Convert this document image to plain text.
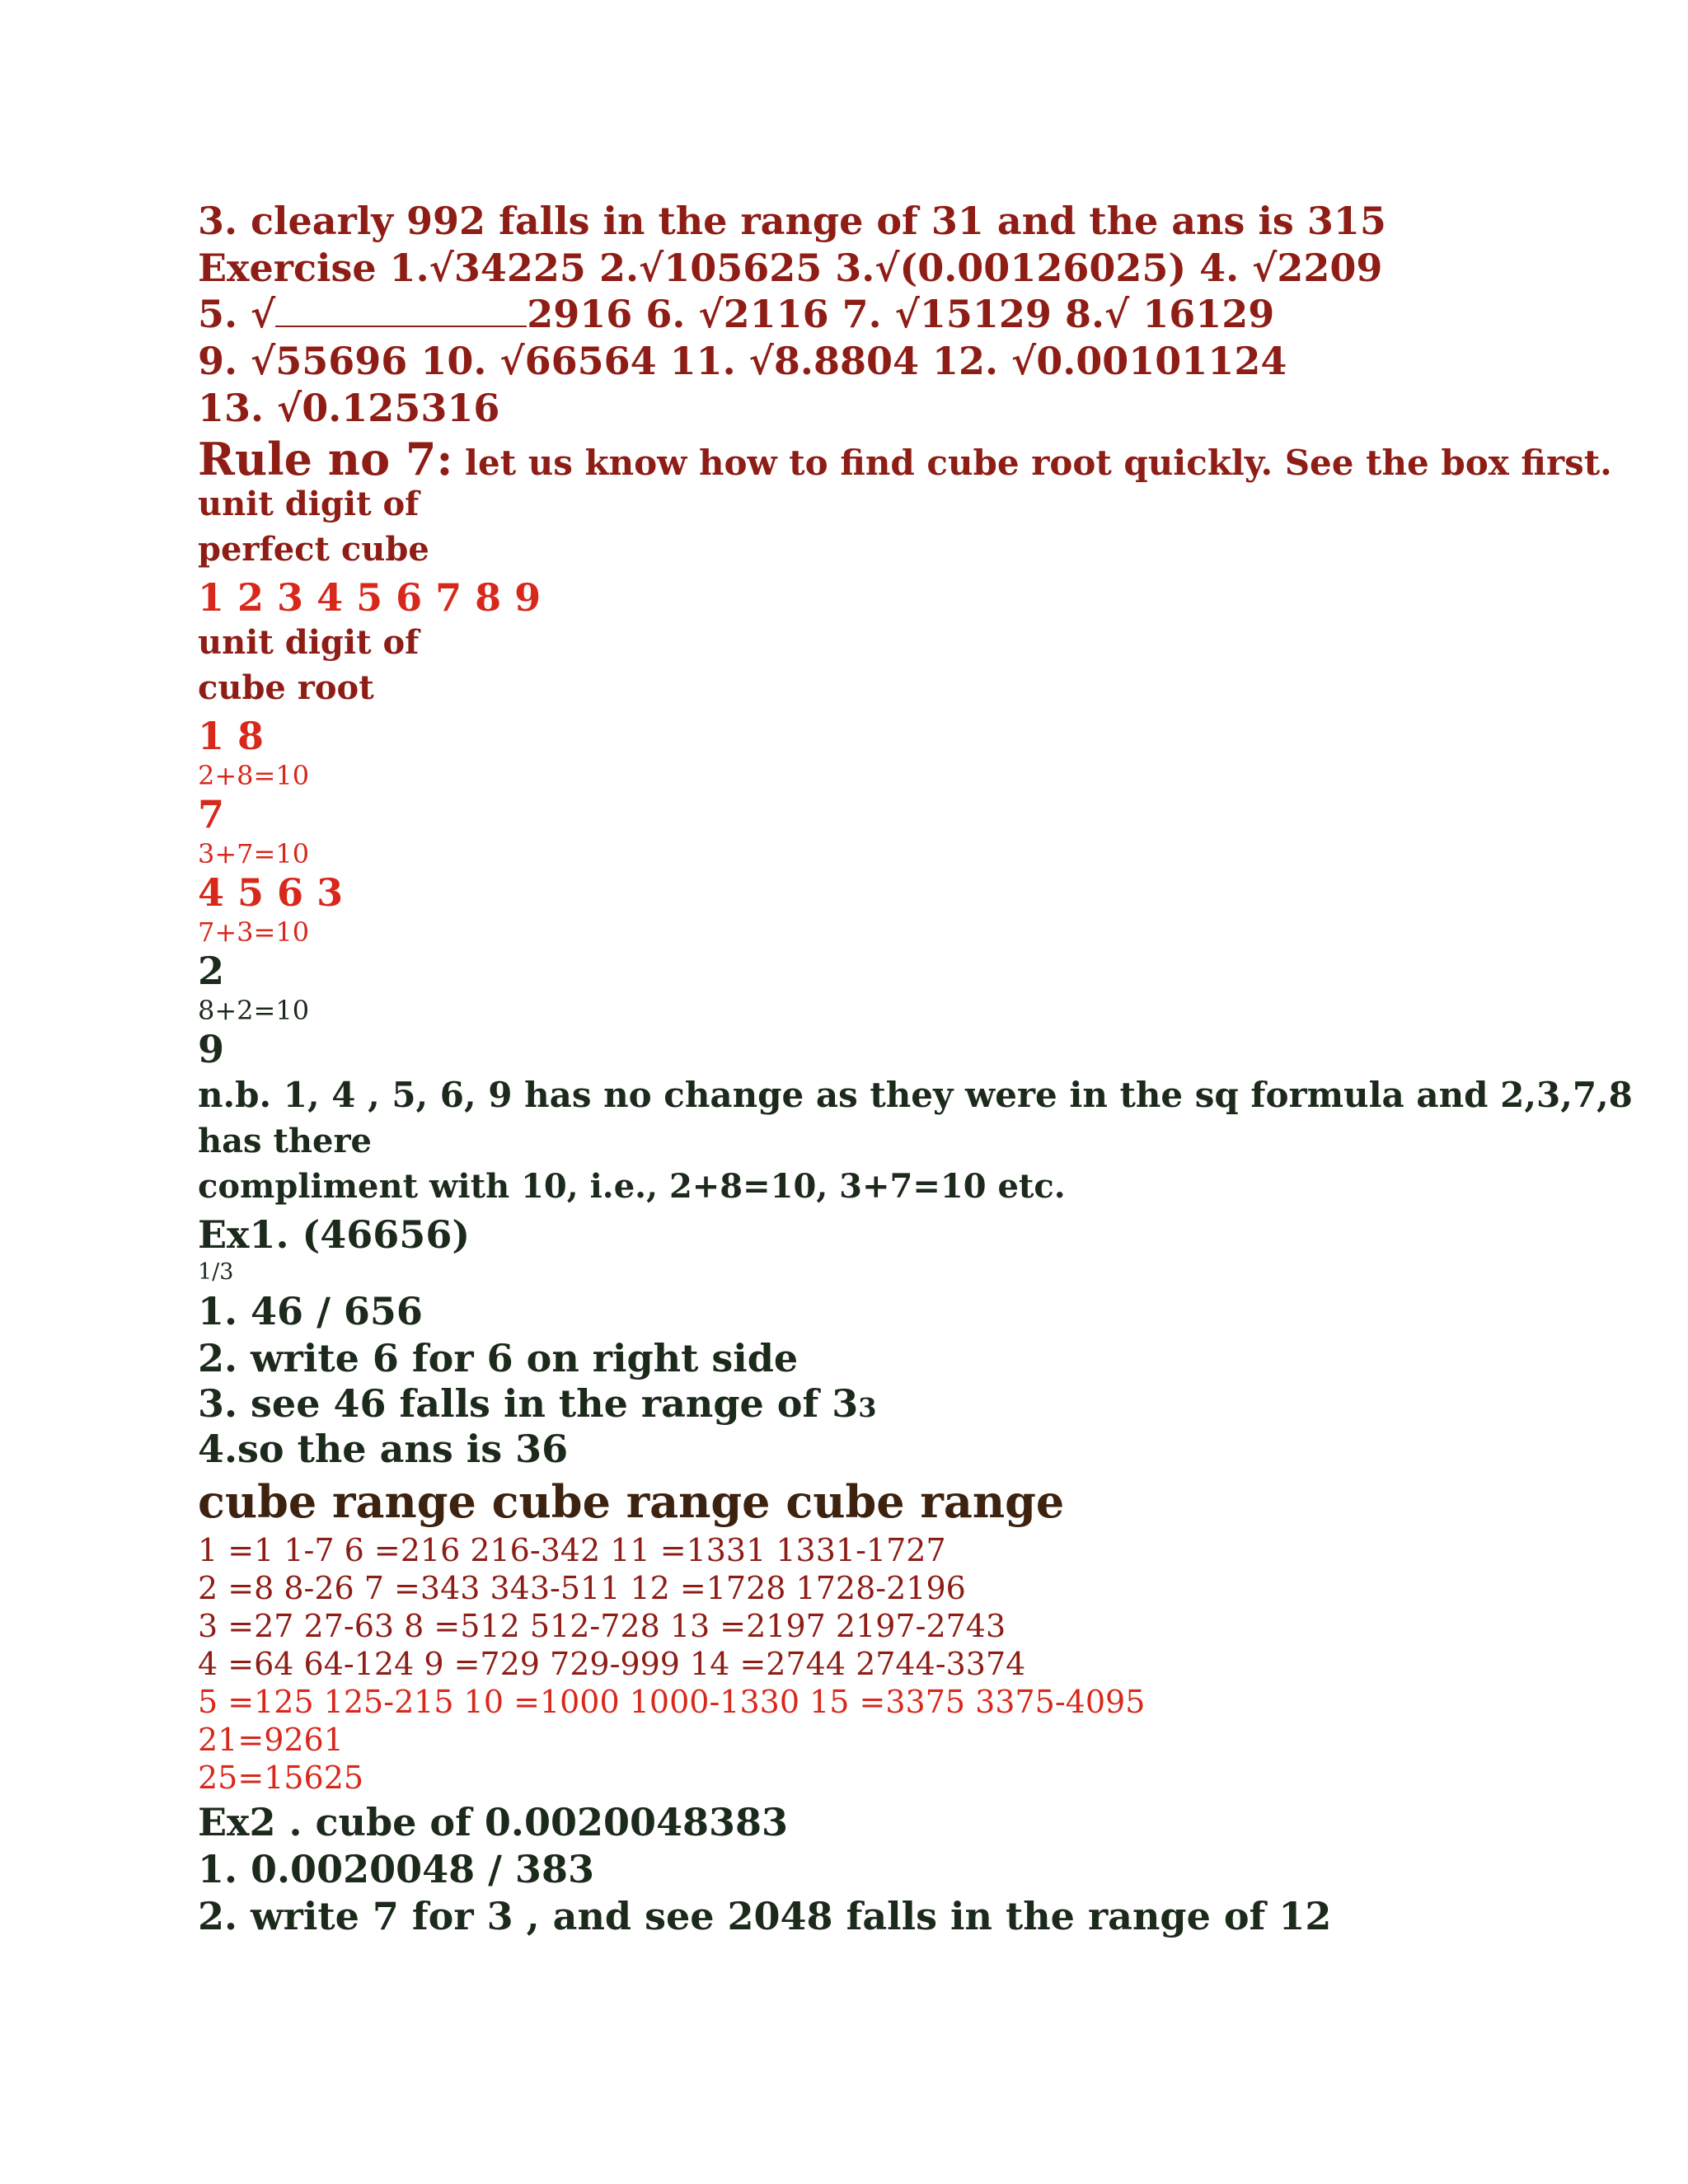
3. clearly 992 falls in the range of 31 and the ans is 315

Exercise 1.√34225 2.√105625 3.√(0.00126025) 4. √2209

5. √	2916 6. √2116 7. √15129 8.√ 16129

9. √55696 10. √66564 11. √8.8804 12. √0.00101124

13. √0.125316

Rule no 7: let us know how to find cube root quickly. See the box first.

unit digit of

perfect cube

1 2 3 4 5 6 7 8 9

unit digit of

cube root

1 8

2+8=10

7

3+7=10

4 5 6 3

7+3=10

2

8+2=10

9

n.b. 1, 4 , 5, 6, 9 has no change as they were in the sq formula and 2,3,7,8

has there

compliment with 10, i.e., 2+8=10, 3+7=10 etc.

Ex1. (46656)

1/3

1. 46 / 656

2. write 6 for 6 on right side

3. see 46 falls in the range of 33

4.so the ans is 36

cube range cube range cube range

1 =1 1-7 6 =216 216-342 11 =1331 1331-1727

2 =8 8-26 7 =343 343-511 12 =1728 1728-2196

3 =27 27-63 8 =512 512-728 13 =2197 2197-2743

4 =64 64-124 9 =729 729-999 14 =2744 2744-3374

5 =125 125-215 10 =1000 1000-1330 15 =3375 3375-4095

21=9261

25=15625

Ex2 . cube of 0.0020048383

1. 0.0020048 / 383

2. write 7 for 3 , and see 2048 falls in the range of 12
